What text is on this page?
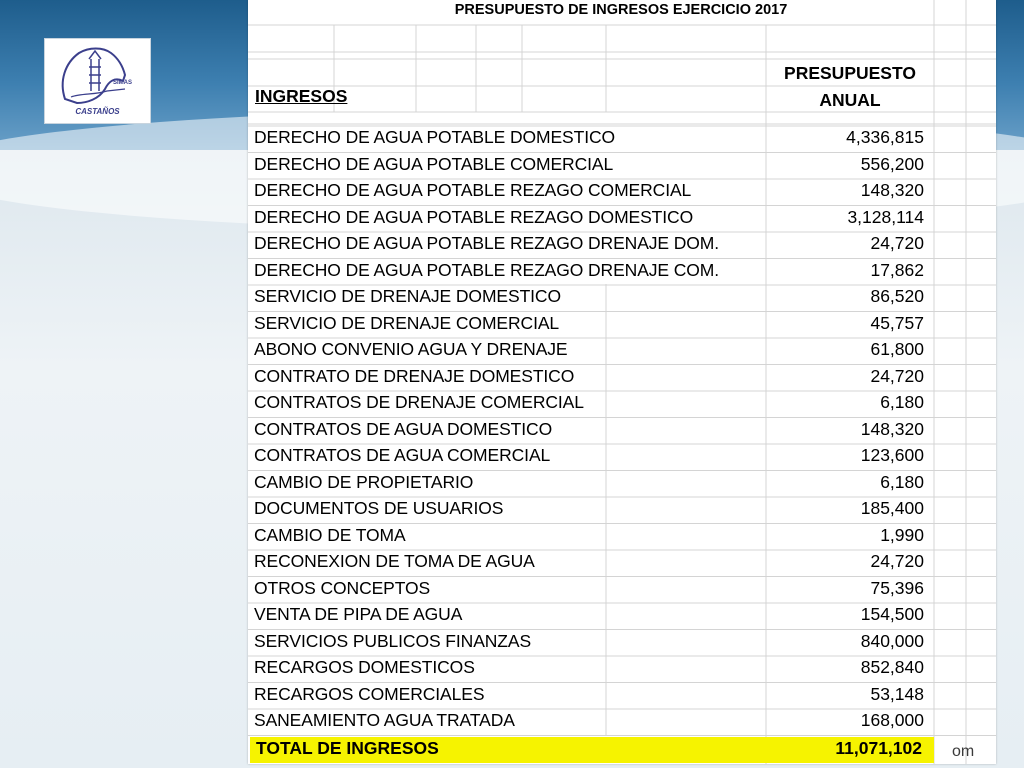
SIMAS
CASTAÑOS
PRESUPUESTO DE INGRESOS EJERCICIO 2017
INGRESOS
PRESUPUESTO
ANUAL
DERECHO DE AGUA POTABLE DOMESTICO	4,336,815
DERECHO DE AGUA POTABLE COMERCIAL	556,200
DERECHO DE AGUA POTABLE REZAGO COMERCIAL	148,320
DERECHO DE AGUA POTABLE REZAGO DOMESTICO	3,128,114
DERECHO DE AGUA POTABLE REZAGO DRENAJE DOM.	24,720
DERECHO DE AGUA POTABLE REZAGO DRENAJE COM.	17,862
SERVICIO DE DRENAJE DOMESTICO	86,520
SERVICIO DE DRENAJE COMERCIAL	45,757
ABONO CONVENIO AGUA Y DRENAJE	61,800
CONTRATO DE DRENAJE DOMESTICO	24,720
CONTRATOS DE DRENAJE COMERCIAL	6,180
CONTRATOS DE AGUA DOMESTICO	148,320
CONTRATOS DE AGUA COMERCIAL	123,600
CAMBIO DE PROPIETARIO	6,180
DOCUMENTOS DE USUARIOS	185,400
CAMBIO DE TOMA	1,990
RECONEXION DE TOMA DE AGUA	24,720
OTROS CONCEPTOS	75,396
VENTA DE PIPA DE AGUA	154,500
SERVICIOS PUBLICOS FINANZAS	840,000
RECARGOS DOMESTICOS	852,840
RECARGOS COMERCIALES	53,148
SANEAMIENTO AGUA TRATADA	168,000
TOTAL DE INGRESOS	11,071,102 om
